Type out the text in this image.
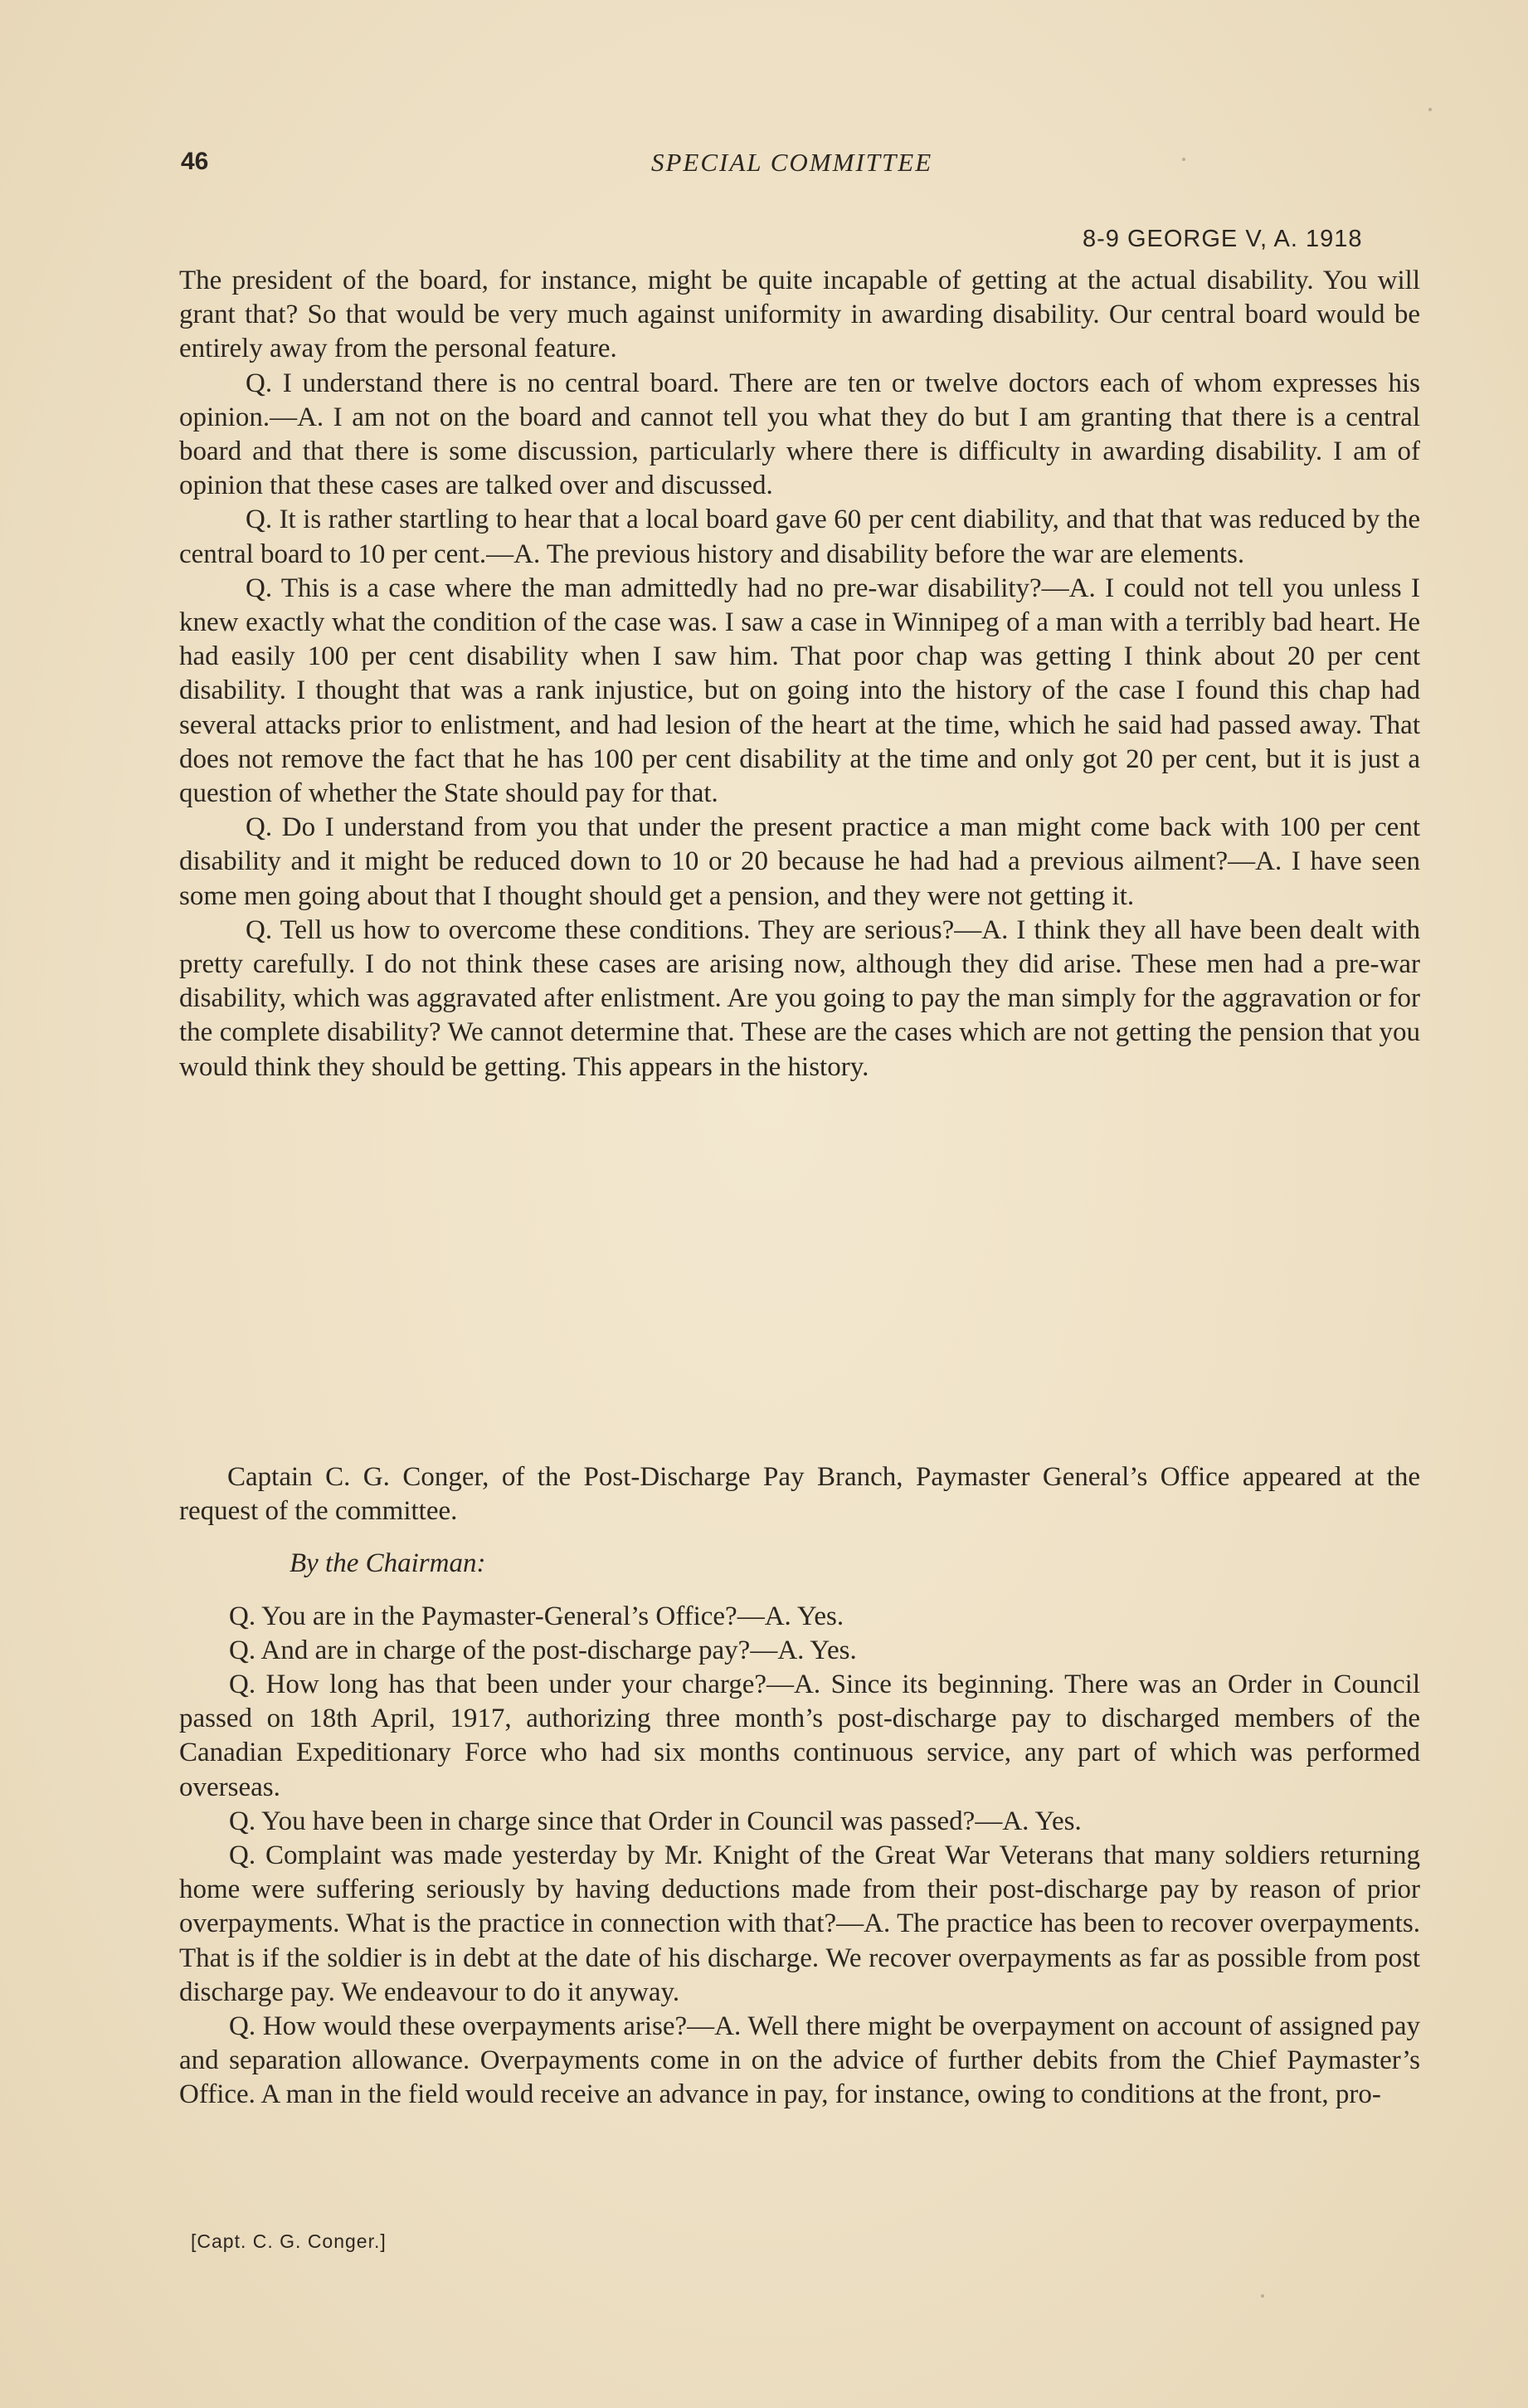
46	SPECIAL COMMITTEE
8-9 GEORGE V, A. 1918

The president of the board, for instance, might be quite incapable of getting at the actual disability. You will grant that? So that would be very much against uniformity in awarding disability. Our central board would be entirely away from the personal feature.

Q. I understand there is no central board. There are ten or twelve doctors each of whom expresses his opinion.—A. I am not on the board and cannot tell you what they do but I am granting that there is a central board and that there is some discussion, particularly where there is difficulty in awarding disability. I am of opinion that these cases are talked over and discussed.

Q. It is rather startling to hear that a local board gave 60 per cent diability, and that that was reduced by the central board to 10 per cent.—A. The previous history and disability before the war are elements.

Q. This is a case where the man admittedly had no pre-war disability?—A. I could not tell you unless I knew exactly what the condition of the case was. I saw a case in Winnipeg of a man with a terribly bad heart. He had easily 100 per cent disability when I saw him. That poor chap was getting I think about 20 per cent disability. I thought that was a rank injustice, but on going into the history of the case I found this chap had several attacks prior to enlistment, and had lesion of the heart at the time, which he said had passed away. That does not remove the fact that he has 100 per cent disability at the time and only got 20 per cent, but it is just a question of whether the State should pay for that.

Q. Do I understand from you that under the present practice a man might come back with 100 per cent disability and it might be reduced down to 10 or 20 because he had had a previous ailment?—A. I have seen some men going about that I thought should get a pension, and they were not getting it.

Q. Tell us how to overcome these conditions. They are serious?—A. I think they all have been dealt with pretty carefully. I do not think these cases are arising now, although they did arise. These men had a pre-war disability, which was aggravated after enlistment. Are you going to pay the man simply for the aggravation or for the complete disability? We cannot determine that. These are the cases which are not getting the pension that you would think they should be getting. This appears in the history.

Captain C. G. Conger, of the Post-Discharge Pay Branch, Paymaster General’s Office appeared at the request of the committee.

By the Chairman:

Q. You are in the Paymaster-General’s Office?—A. Yes.

Q. And are in charge of the post-discharge pay?—A. Yes.

Q. How long has that been under your charge?—A. Since its beginning. There was an Order in Council passed on 18th April, 1917, authorizing three month’s post-discharge pay to discharged members of the Canadian Expeditionary Force who had six months continuous service, any part of which was performed overseas.

Q. You have been in charge since that Order in Council was passed?—A. Yes.

Q. Complaint was made yesterday by Mr. Knight of the Great War Veterans that many soldiers returning home were suffering seriously by having deductions made from their post-discharge pay by reason of prior overpayments. What is the practice in connection with that?—A. The practice has been to recover overpayments. That is if the soldier is in debt at the date of his discharge. We recover overpayments as far as possible from post discharge pay. We endeavour to do it anyway.

Q. How would these overpayments arise?—A. Well there might be overpayment on account of assigned pay and separation allowance. Overpayments come in on the advice of further debits from the Chief Paymaster’s Office. A man in the field would receive an advance in pay, for instance, owing to conditions at the front, pro-

[Capt. C. G. Conger.]
